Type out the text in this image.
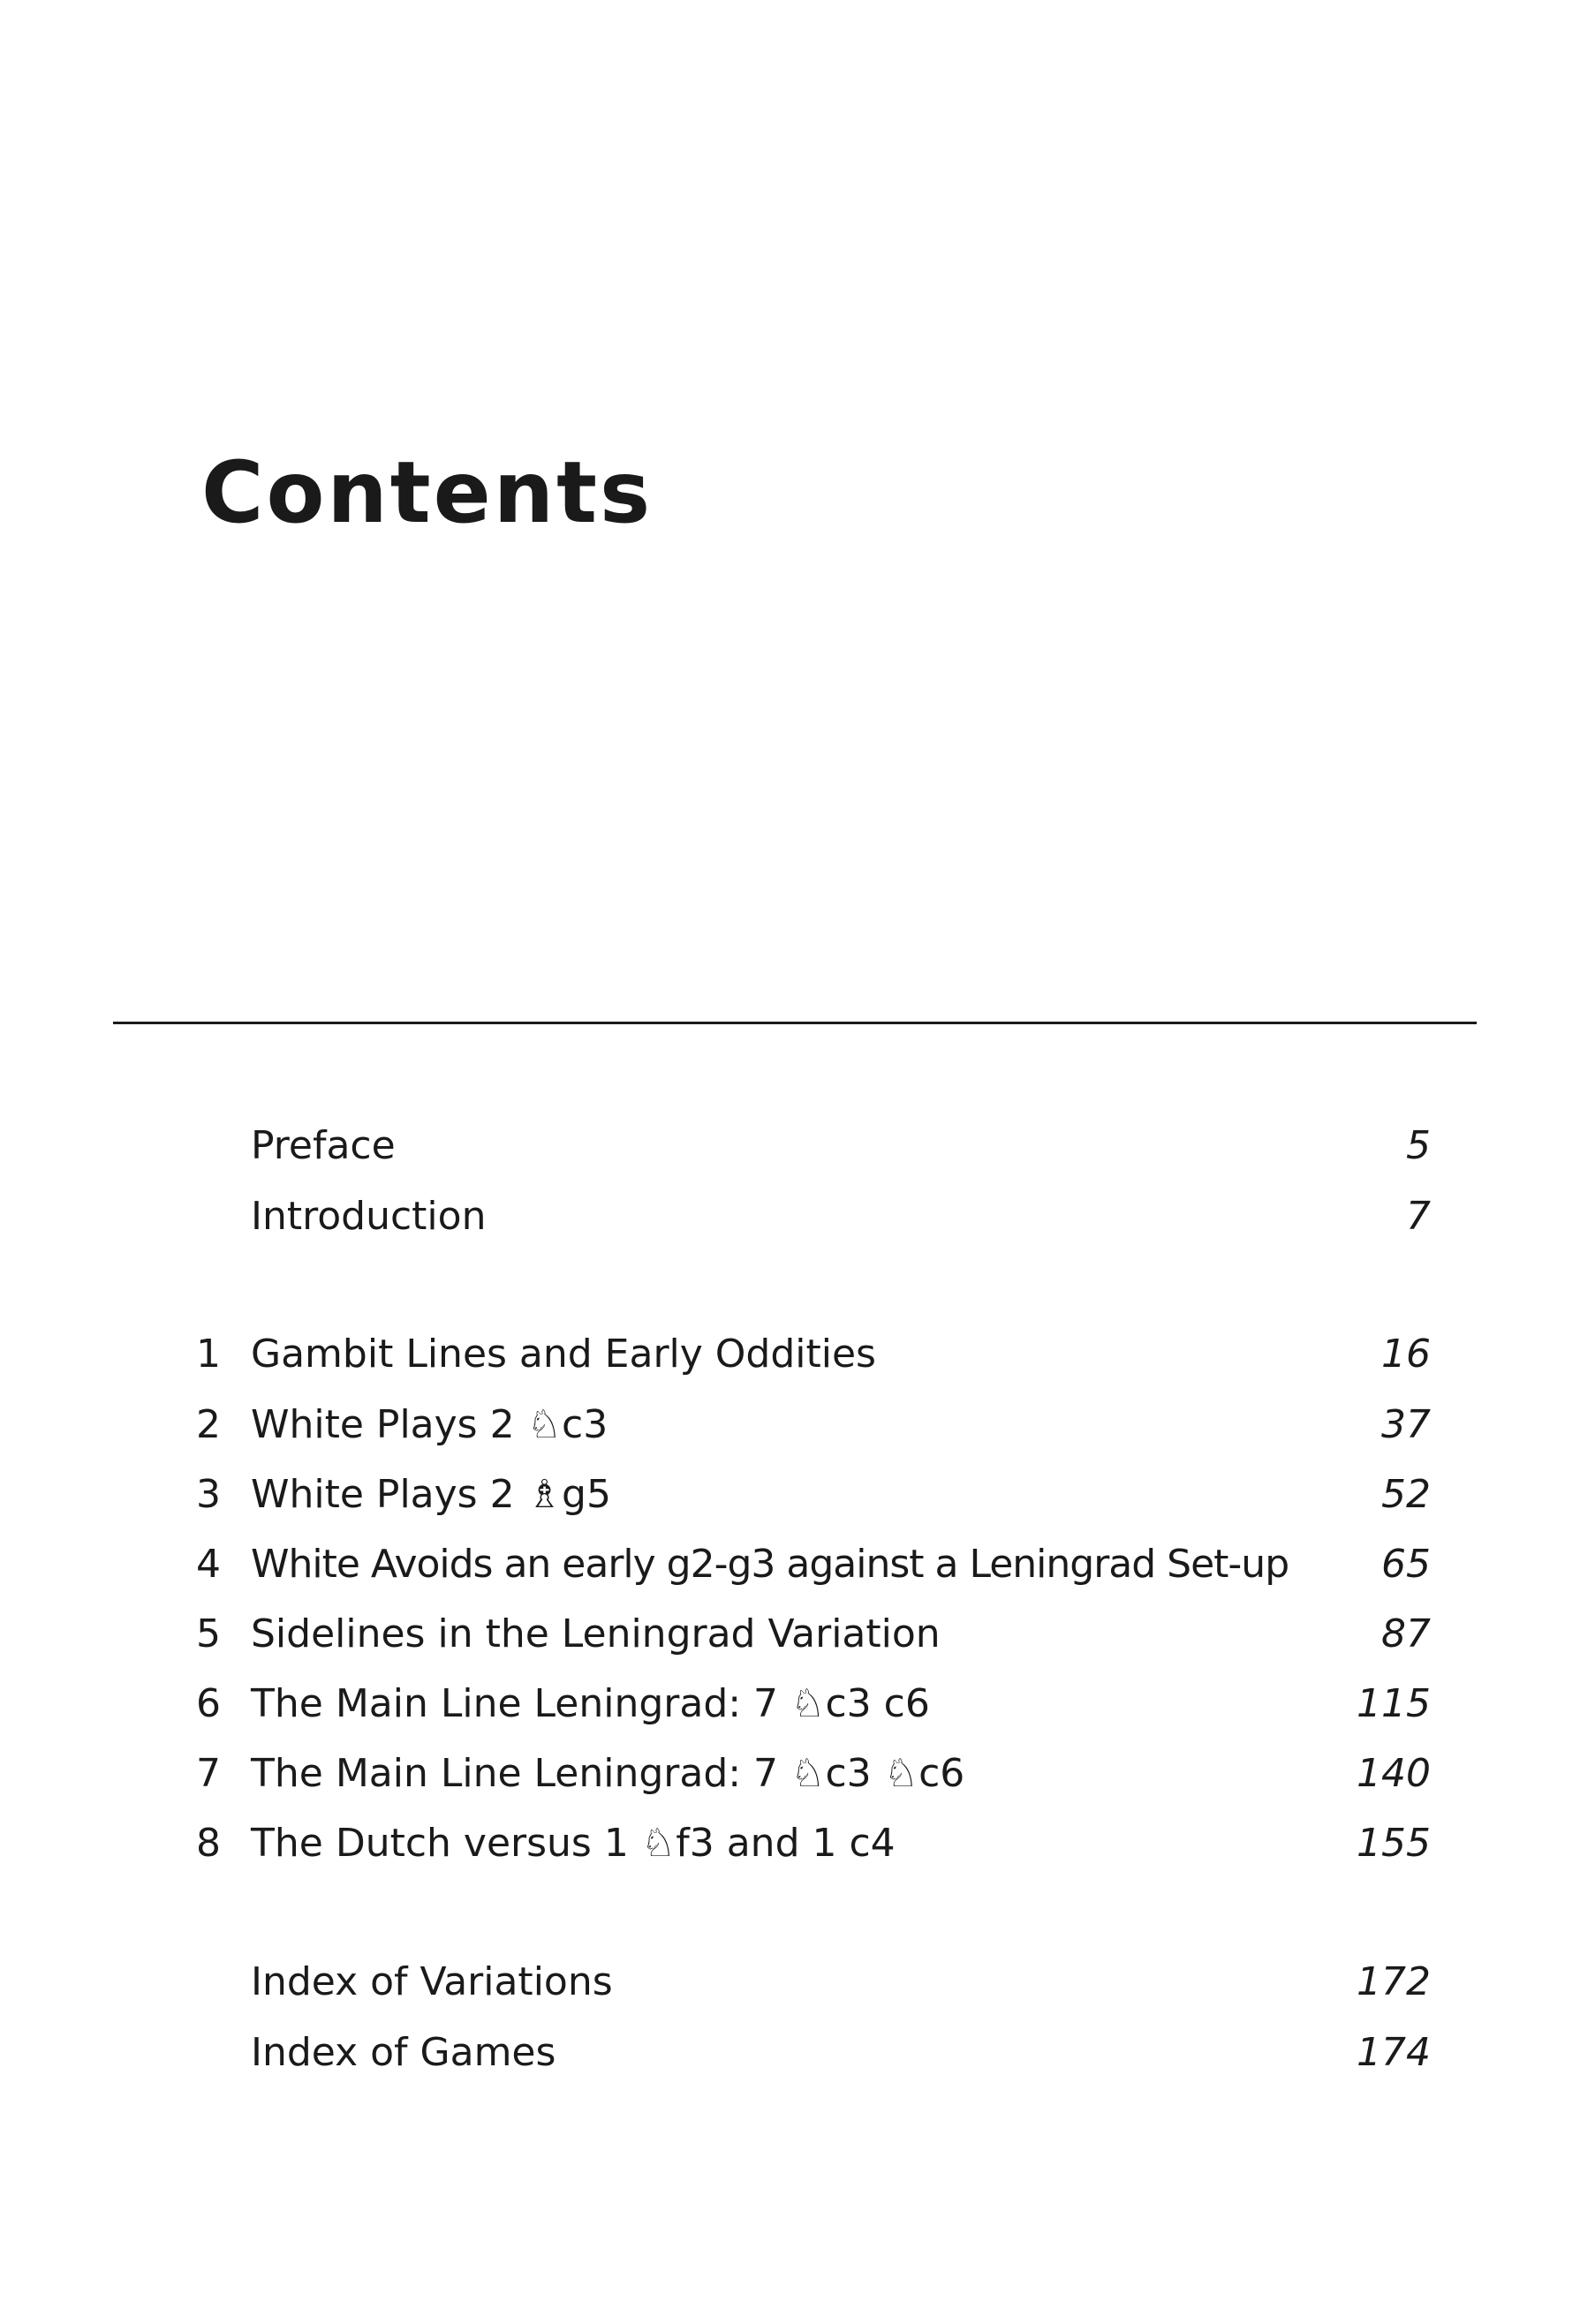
Contents
Preface	5
Introduction	7
1 Gambit Lines and Early Oddities	16
2 White Plays 2 ♘c3	37
3 White Plays 2 ♗g5	52
4 White Avoids an early g2-g3 against a Leningrad Set-up 65
5 Sidelines in the Leningrad Variation	87
6 The Main Line Leningrad: 7 ♘c3 c6	115
7 The Main Line Leningrad: 7 ♘c3 ♘c6	140
8 The Dutch versus 1 ♘f3 and 1 c4	155
Index of Variations	172
Index of Games	174
